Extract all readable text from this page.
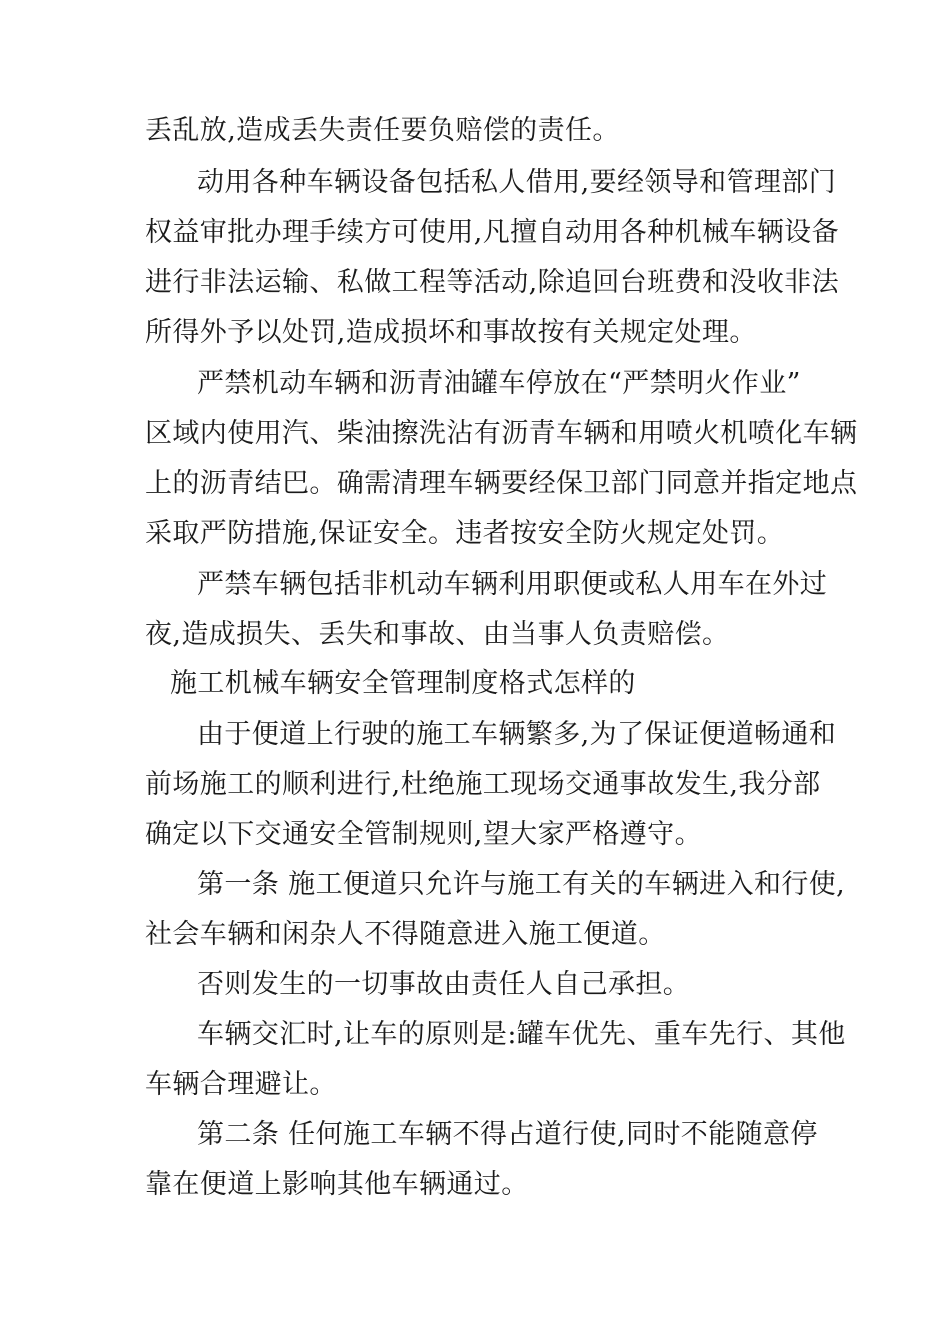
丢乱放,造成丢失责任要负赔偿的责任。
动用各种车辆设备包括私人借用,要经领导和管理部门
权益审批办理手续方可使用,凡擅自动用各种机械车辆设备
进行非法运输、私做工程等活动,除追回台班费和没收非法
所得外予以处罚,造成损坏和事故按有关规定处理。
严禁机动车辆和沥青油罐车停放在“严禁明火作业”
区域内使用汽、柴油擦洗沾有沥青车辆和用喷火机喷化车辆
上的沥青结巴。确需清理车辆要经保卫部门同意并指定地点
采取严防措施,保证安全。违者按安全防火规定处罚。
严禁车辆包括非机动车辆利用职便或私人用车在外过
夜,造成损失、丢失和事故、由当事人负责赔偿。
施工机械车辆安全管理制度格式怎样的
由于便道上行驶的施工车辆繁多,为了保证便道畅通和
前场施工的顺利进行,杜绝施工现场交通事故发生,我分部
确定以下交通安全管制规则,望大家严格遵守。
第一条 施工便道只允许与施工有关的车辆进入和行使,
社会车辆和闲杂人不得随意进入施工便道。
否则发生的一切事故由责任人自己承担。
车辆交汇时,让车的原则是:罐车优先、重车先行、其他
车辆合理避让。
第二条 任何施工车辆不得占道行使,同时不能随意停
靠在便道上影响其他车辆通过。
